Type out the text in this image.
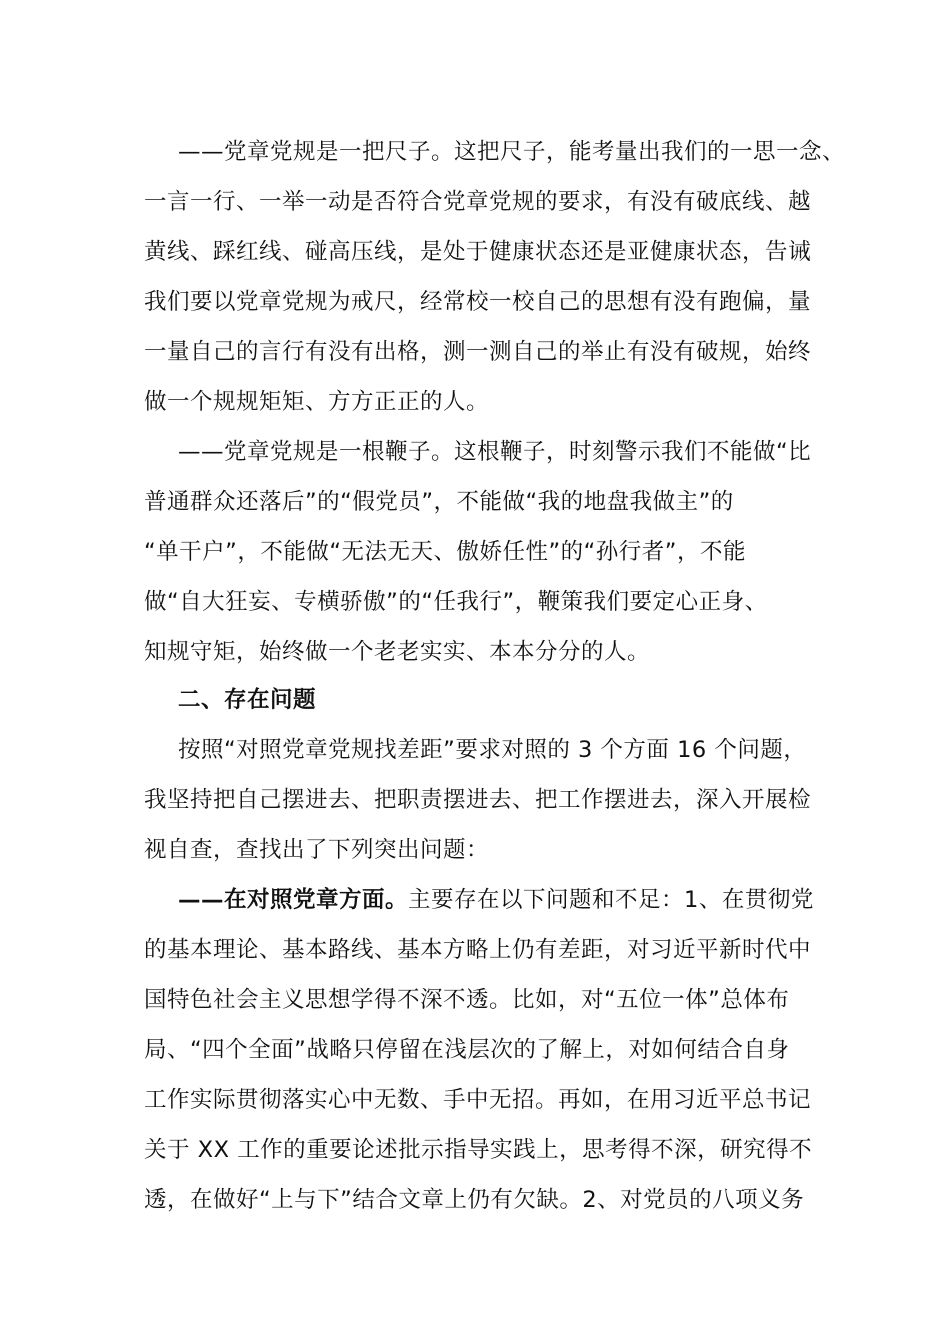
——党章党规是一把尺子。这把尺子，能考量出我们的一思一念、
一言一行、一举一动是否符合党章党规的要求，有没有破底线、越
黄线、踩红线、碰高压线，是处于健康状态还是亚健康状态，告诫
我们要以党章党规为戒尺，经常校一校自己的思想有没有跑偏，量
一量自己的言行有没有出格，测一测自己的举止有没有破规，始终
做一个规规矩矩、方方正正的人。
——党章党规是一根鞭子。这根鞭子，时刻警示我们不能做“比
普通群众还落后”的“假党员”，不能做“我的地盘我做主”的
“单干户”，不能做“无法无天、傲娇任性”的“孙行者”，不能
做“自大狂妄、专横骄傲”的“任我行”，鞭策我们要定心正身、
知规守矩，始终做一个老老实实、本本分分的人。
二、存在问题
按照“对照党章党规找差距”要求对照的 3 个方面 16 个问题，
我坚持把自己摆进去、把职责摆进去、把工作摆进去，深入开展检
视自查，查找出了下列突出问题：
——在对照党章方面。主要存在以下问题和不足：1、在贯彻党
的基本理论、基本路线、基本方略上仍有差距，对习近平新时代中
国特色社会主义思想学得不深不透。比如，对“五位一体”总体布
局、“四个全面”战略只停留在浅层次的了解上，对如何结合自身
工作实际贯彻落实心中无数、手中无招。再如，在用习近平总书记
关于 XX 工作的重要论述批示指导实践上，思考得不深，研究得不
透，在做好“上与下”结合文章上仍有欠缺。2、对党员的八项义务
